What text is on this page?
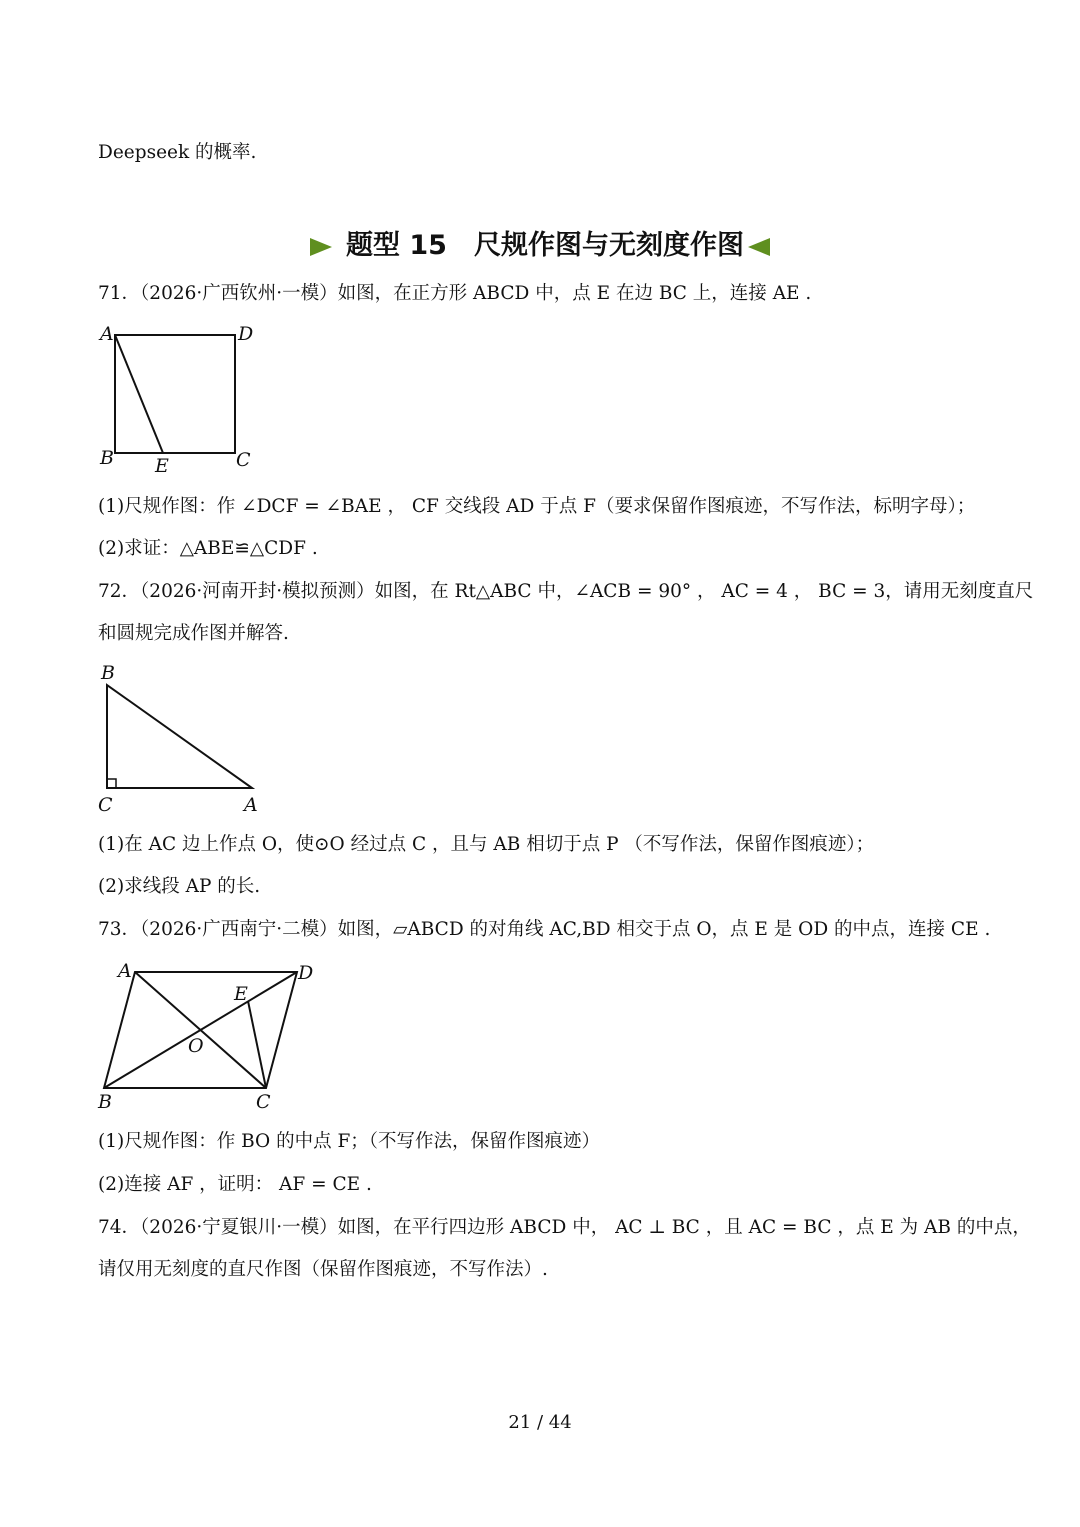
Deepseek 的概率.
题型 15　尺规作图与无刻度作图
71．（2026·广西钦州·一模）如图，在正方形 ABCD 中，点 E 在边 BC 上，连接 AE .
A	D
B	C
E
(1)尺规作图：作 ∠DCF = ∠BAE ， CF 交线段 AD 于点 F（要求保留作图痕迹，不写作法，标明字母）；
(2)求证：△ABE≌△CDF .
72．（2026·河南开封·模拟预测）如图，在 Rt△ABC 中，∠ACB = 90° ， AC = 4 ， BC = 3，请用无刻度直尺
和圆规完成作图并解答.
B
C	A
(1)在 AC 边上作点 O，使⊙O 经过点 C ，且与 AB 相切于点 P （不写作法，保留作图痕迹）；
(2)求线段 AP 的长.
73．（2026·广西南宁·二模）如图，▱ABCD 的对角线 AC,BD 相交于点 O，点 E 是 OD 的中点，连接 CE .
A	D
E
O
B	C
(1)尺规作图：作 BO 的中点 F；（不写作法，保留作图痕迹）
(2)连接 AF ，证明： AF = CE .
74．（2026·宁夏银川·一模）如图，在平行四边形 ABCD 中， AC ⊥ BC ，且 AC = BC ，点 E 为 AB 的中点，
请仅用无刻度的直尺作图（保留作图痕迹，不写作法）.
21 / 44
